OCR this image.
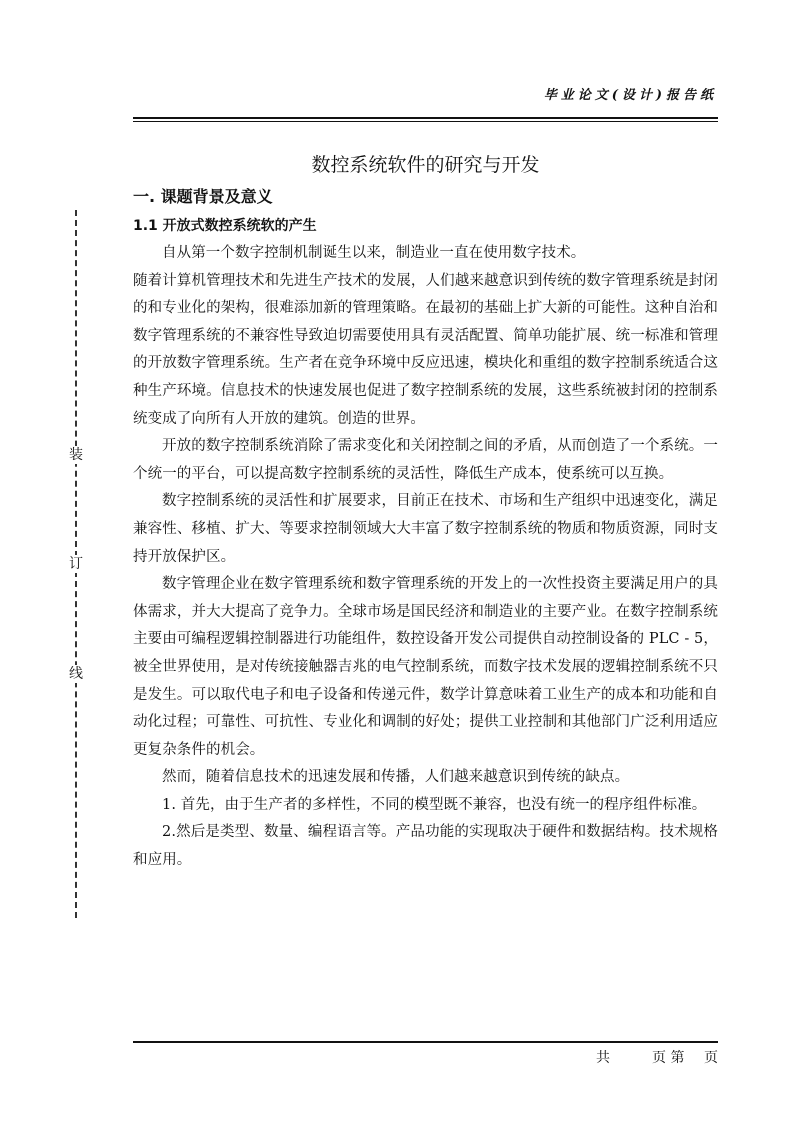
毕业论文(设计)报告纸
装
订
线
数控系统软件的研究与开发
一. 课题背景及意义
1.1 开放式数控系统软的产生

自从第一个数字控制机制诞生以来，制造业一直在使用数字技术。

随着计算机管理技术和先进生产技术的发展，人们越来越意识到传统的数字管理系统是封闭的和专业化的架构，很难添加新的管理策略。在最初的基础上扩大新的可能性。这种自治和数字管理系统的不兼容性导致迫切需要使用具有灵活配置、简单功能扩展、统一标准和管理的开放数字管理系统。生产者在竞争环境中反应迅速，模块化和重组的数字控制系统适合这种生产环境。信息技术的快速发展也促进了数字控制系统的发展，这些系统被封闭的控制系统变成了向所有人开放的建筑。创造的世界。

开放的数字控制系统消除了需求变化和关闭控制之间的矛盾，从而创造了一个系统。一个统一的平台，可以提高数字控制系统的灵活性，降低生产成本，使系统可以互换。

数字控制系统的灵活性和扩展要求，目前正在技术、市场和生产组织中迅速变化，满足兼容性、移植、扩大、等要求控制领域大大丰富了数字控制系统的物质和物质资源，同时支持开放保护区。

数字管理企业在数字管理系统和数字管理系统的开发上的一次性投资主要满足用户的具体需求，并大大提高了竞争力。全球市场是国民经济和制造业的主要产业。在数字控制系统主要由可编程逻辑控制器进行功能组件，数控设备开发公司提供自动控制设备的 PLC - 5，被全世界使用，是对传统接触器吉兆的电气控制系统，而数字技术发展的逻辑控制系统不只是发生。可以取代电子和电子设备和传递元件，数学计算意味着工业生产的成本和功能和自动化过程；可靠性、可抗性、专业化和调制的好处；提供工业控制和其他部门广泛利用适应更复杂条件的机会。

然而，随着信息技术的迅速发展和传播，人们越来越意识到传统的缺点。

1. 首先，由于生产者的多样性，不同的模型既不兼容，也没有统一的程序组件标准。

2.然后是类型、数量、编程语言等。产品功能的实现取决于硬件和数据结构。技术规格和应用。

共	页 第 页
